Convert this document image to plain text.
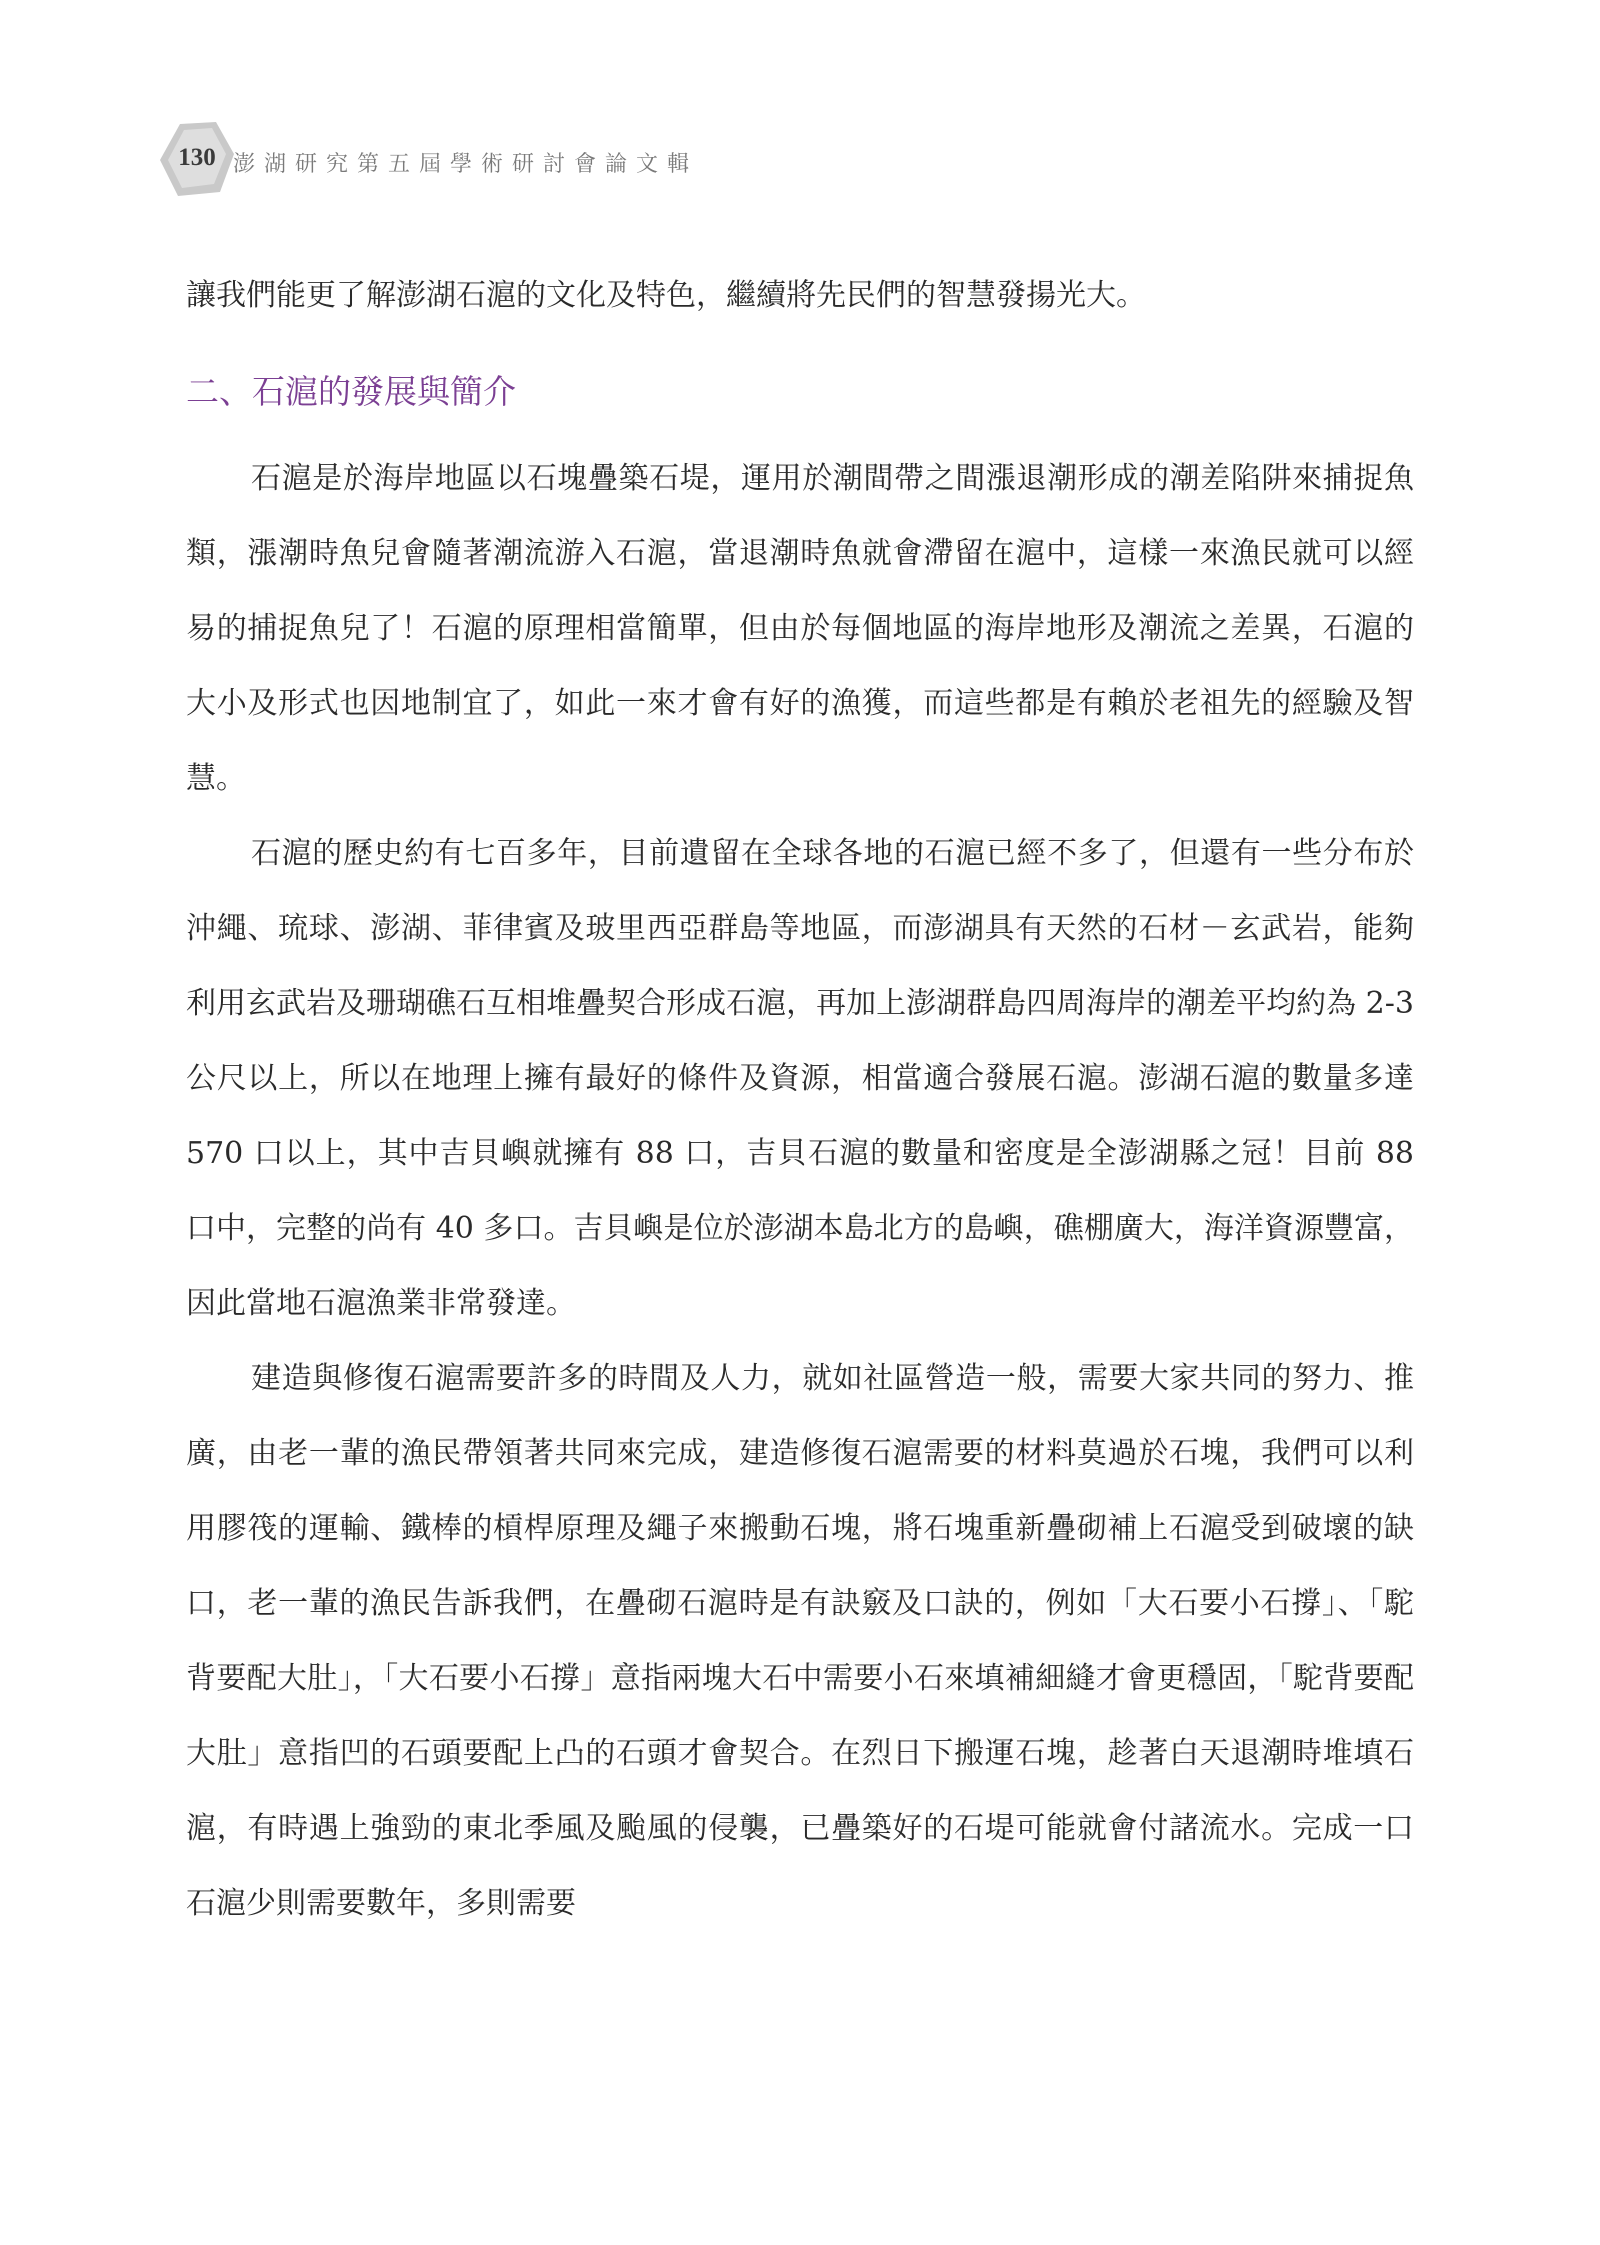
130 澎湖研究第五屆學術研討會論文輯

讓我們能更了解澎湖石滬的文化及特色，繼續將先民們的智慧發揚光大。

二、石滬的發展與簡介

石滬是於海岸地區以石塊疊築石堤，運用於潮間帶之間漲退潮形成的潮差陷阱來捕捉魚類，漲潮時魚兒會隨著潮流游入石滬，當退潮時魚就會滯留在滬中，這樣一來漁民就可以經易的捕捉魚兒了！石滬的原理相當簡單，但由於每個地區的海岸地形及潮流之差異，石滬的大小及形式也因地制宜了，如此一來才會有好的漁獲，而這些都是有賴於老祖先的經驗及智慧。

石滬的歷史約有七百多年，目前遺留在全球各地的石滬已經不多了，但還有一些分布於沖繩、琉球、澎湖、菲律賓及玻里西亞群島等地區，而澎湖具有天然的石材－玄武岩，能夠利用玄武岩及珊瑚礁石互相堆疊契合形成石滬，再加上澎湖群島四周海岸的潮差平均約為 2-3 公尺以上，所以在地理上擁有最好的條件及資源，相當適合發展石滬。澎湖石滬的數量多達 570 口以上，其中吉貝嶼就擁有 88 口，吉貝石滬的數量和密度是全澎湖縣之冠！目前 88 口中，完整的尚有 40 多口。吉貝嶼是位於澎湖本島北方的島嶼，礁棚廣大，海洋資源豐富，因此當地石滬漁業非常發達。

建造與修復石滬需要許多的時間及人力，就如社區營造一般，需要大家共同的努力、推廣，由老一輩的漁民帶領著共同來完成，建造修復石滬需要的材料莫過於石塊，我們可以利用膠筏的運輸、鐵棒的槓桿原理及繩子來搬動石塊，將石塊重新疊砌補上石滬受到破壞的缺口，老一輩的漁民告訴我們，在疊砌石滬時是有訣竅及口訣的，例如「大石要小石撐」、「駝背要配大肚」，「大石要小石撐」意指兩塊大石中需要小石來填補細縫才會更穩固，「駝背要配大肚」意指凹的石頭要配上凸的石頭才會契合。在烈日下搬運石塊，趁著白天退潮時堆填石滬，有時遇上強勁的東北季風及颱風的侵襲，已疊築好的石堤可能就會付諸流水。完成一口石滬少則需要數年，多則需要
